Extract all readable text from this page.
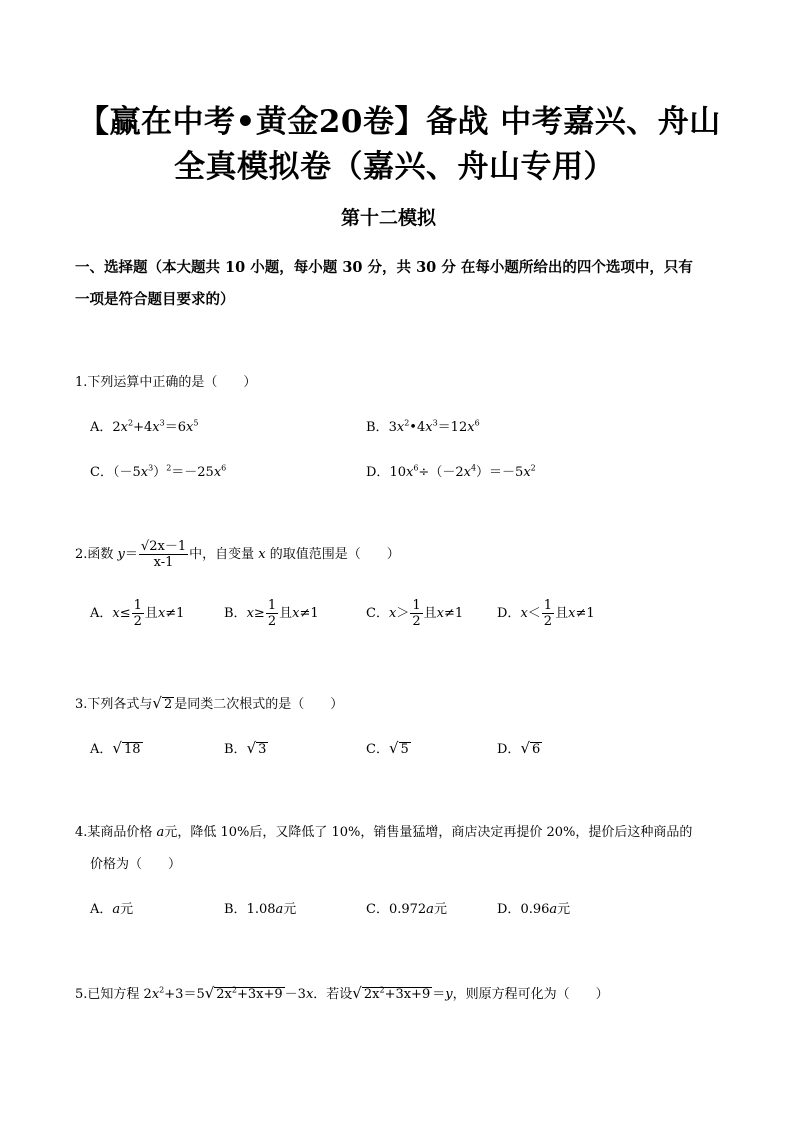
【赢在中考•黄金20卷】备战 中考嘉兴、舟山
全真模拟卷（嘉兴、舟山专用）
第十二模拟
一、选择题（本大题共 10 小题，每小题 30 分，共 30 分 在每小题所给出的四个选项中，只有
一项是符合题目要求的）
1.下列运算中正确的是（　　）
A．$2x^2+4x^3=6x^5$	B．$3x^2•4x^3=12x^6$
C．$(-5x^3)^2=-25x^6$	D．$10x^6\div(-2x^4)=-5x^2$
2.函数 $y= \frac{√2x-1}{x-1}$ 中，自变量 x 的取值范围是（　　）
A．$x\le \frac{1}{2}$ 且x≠1	B．$x\ge \frac{1}{2}$ 且x≠1	C．$x> \frac{1}{2}$ 且x≠1	D．$x< \frac{1}{2}$ 且x≠1
3.下列各式与√ 2 是同类二次根式的是（　　）
A．√ 18	B．√ 3	C．√ 5	D．√ 6
4.某商品价格 a元，降低 10%后，又降低了 10%，销售量猛增，商店决定再提价 20%，提价后这种商品的
价格为（　　）
A．a元	B．1.08a元	C．0.972a元	D．0.96a元
5.已知方程 $2x^2+3=5√$ $2x^2+3x+9 -3x$．若设√ $2x^2+3x+9 =y$，则原方程可化为（　　）
